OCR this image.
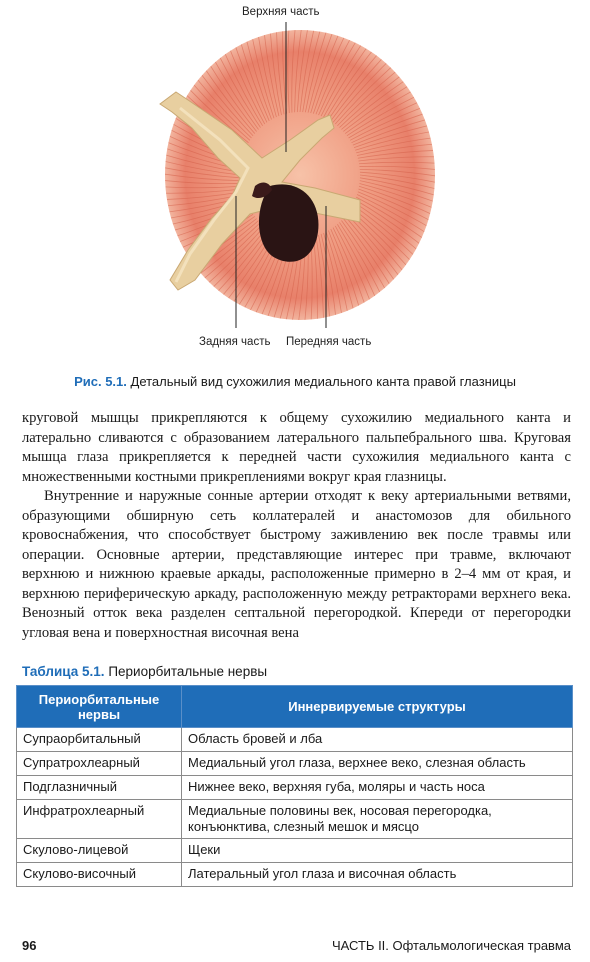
Верхняя часть
Задняя часть Передняя часть
Рис. 5.1. Детальный вид сухожилия медиального канта правой глазницы

круговой мышцы прикрепляются к общему сухожилию медиального канта и латерально сливаются с образованием латерального пальпебрального шва. Круговая мышца глаза прикрепляется к передней части сухожилия медиального канта с множественными костными прикреплениями вокруг края глазницы.

Внутренние и наружные сонные артерии отходят к веку артериальными ветвями, образующими обширную сеть коллатералей и анастомозов для обильного кровоснабжения, что способствует быстрому заживлению век после травмы или операции. Основные артерии, представляющие интерес при травме, включают верхнюю и нижнюю краевые аркады, расположенные примерно в 2–4 мм от края, и верхнюю периферическую аркаду, расположенную между ретракторами верхнего века. Венозный отток века разделен септальной перегородкой. Кпереди от перегородки угловая вена и поверхностная височная вена

Таблица 5.1. Периорбитальные нервы
Периорбитальные нервы	Иннервируемые структуры
Супраорбитальный	Область бровей и лба
Супратрохлеарный	Медиальный угол глаза, верхнее веко, слезная область
Подглазничный	Нижнее веко, верхняя губа, моляры и часть носа
Инфратрохлеарный	Медиальные половины век, носовая перегородка, конъюнктива, слезный мешок и мясцо
Скулово-лицевой	Щеки
Скулово-височный	Латеральный угол глаза и височная область
96	ЧАСТЬ II. Офтальмологическая травма
